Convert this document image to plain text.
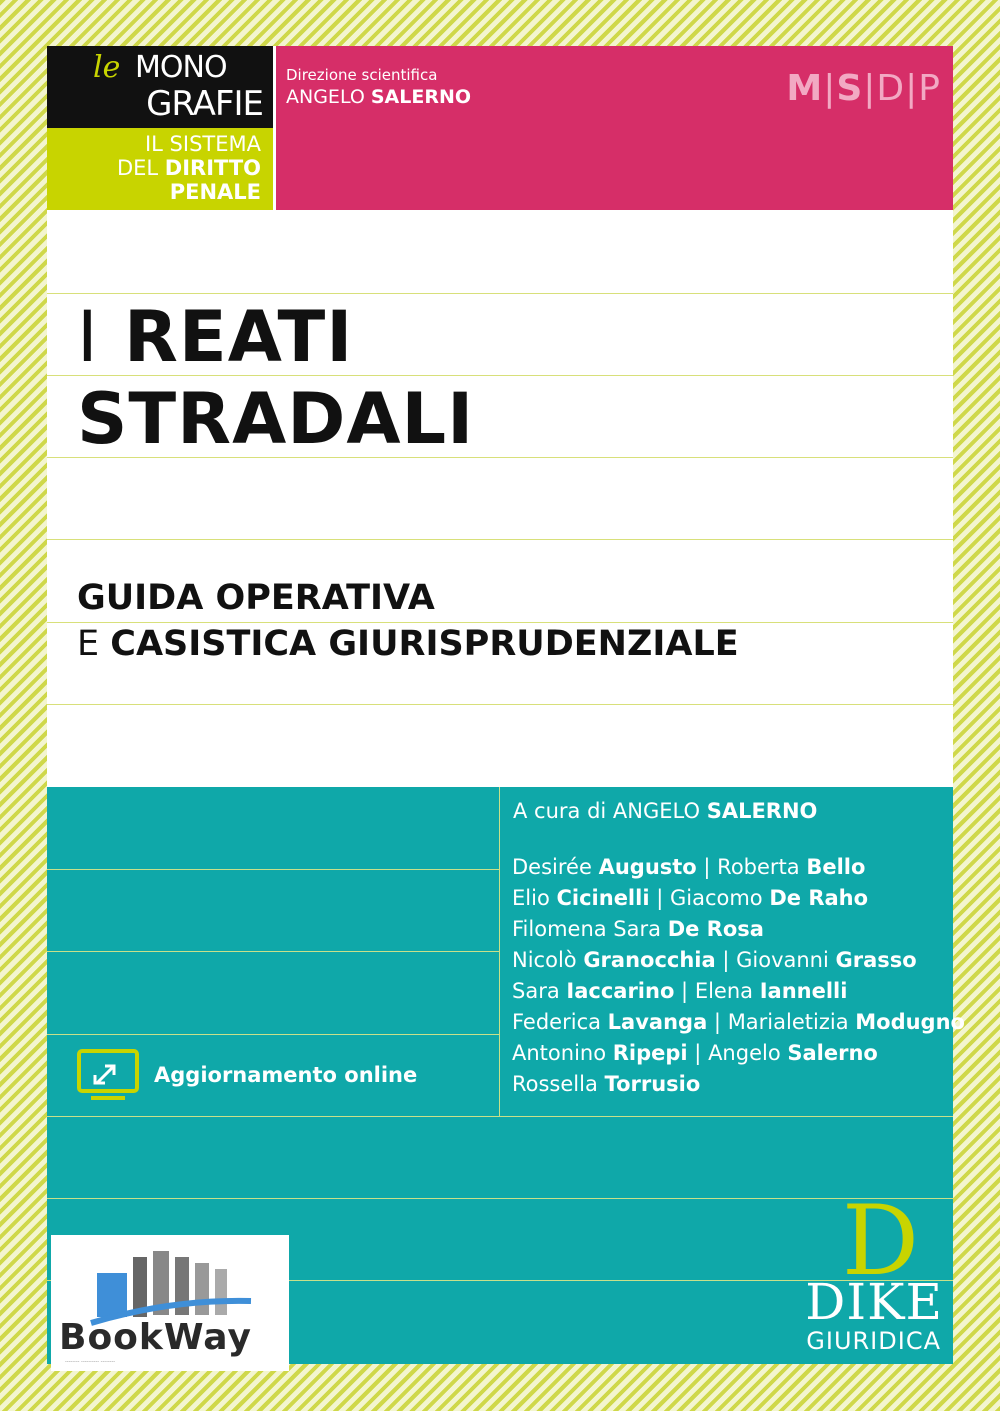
le MONO
GRAFIE
IL SISTEMA
DEL DIRITTO
PENALE
Direzione scientifica
ANGELO SALERNO	M|S|D|P
I REATI
STRADALI
GUIDA OPERATIVA
E CASISTICA GIURISPRUDENZIALE
A cura di ANGELO SALERNO
Desirée Augusto | Roberta Bello
Elio Cicinelli | Giacomo De Raho
Filomena Sara De Rosa
Nicolò Granocchia | Giovanni Grasso
Sara Iaccarino | Elena Iannelli
Federica Lavanga | Marialetizia Modugno
Antonino Ripepi | Angelo Salerno
Rossella Torrusio
Aggiornamento online
BookWay
-------- ---------- --------
D
DIKE
GIURIDICA
